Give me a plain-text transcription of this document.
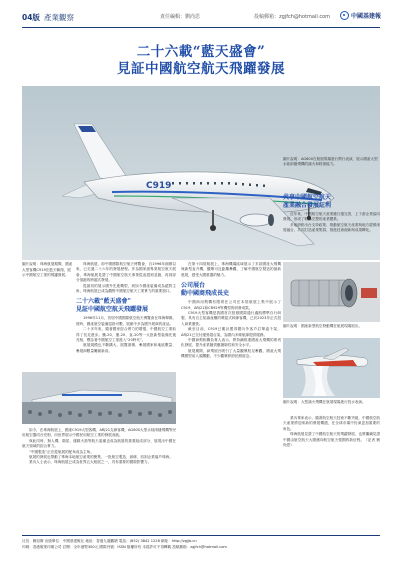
04版 產業觀察	責任編輯：劉尚思	投稿郵箱：zgjfch@hotmail.com	中國基建報
二十六載“藍天盛會”
見証中國航空航天飛躍發展
C919
圖片說明：珠海航展期間，國產大型客機C919在藍天翱翔，展示中國航空工業的飛躍發展。

珠海航展，即中國國際航空航天博覽會，自1996年創辦以來，已走過二十六年的發展歷程。作為國家級專業航空航天展會，珠海航展見證了中國航空航天事業從追趕到並跑、再到部分領跑的跨越式發展。

從最初的展示國外先進機型，到如今國產裝備成為絕對主角，珠海航展已成為觀察中國航空航天工業實力的重要窗口。

二十六載“藍天盛會”
見証中國航空航天飛躍發展

1996年11月，首屆中國國際航空航天博覽會在珠海舉辦。彼時，國產航空裝備屈指可數，展館中多為國外展商的產品。

二十多年來，隨著國家綜合實力的增強，中國航空工業取得了長足進步。殲-20、運-20、直-20等一大批新型裝備先後亮相，標誌著中國航空工業進入“20時代”。

航展規模也不斷擴大，展覽面積、參展國家和地區數量、參展商數量屢創新高。

如今，在珠海航展上，國產C919大型客機、ARJ21支線客機、AG600大型水陸兩棲飛機等民用航空器同台亮相，向世界展示中國民用航空工業的發展成就。

與此同時，無人機、衛星、運載火箭等航天裝備也成為航展的重要組成部分，展現出中國在航天領域的綜合實力。

“中國製造”正在從航展的配角成為主角。

航展的發展也帶動了珠海本地航空產業的聚集，一批航空製造、維修、培訓企業落戶珠海。

業內人士表示，珠海航展已成為世界五大航展之一，具有重要的國際影響力。

在第十四屆航展上，珠海機場區域展示了多款國產大飛機與新型直升機，觀眾可近距離參觀、了解中國航空製造的最新進展，感受大國重器的魅力。

公司展台
動中國商飛成長史

中國商用飛機有限責任公司在本屆航展上集中展示了C919、ARJ21和CR929等機型的研發成果。

C919大型客機是我國首次按照國際通行適航標準自行研製、具有自主知識產權的噴氣式幹線客機，已於2023年正式投入商業運營。

截至目前，C919已累計獲得國內外客戶訂單逾千架，ARJ21已交付運營超百架，為國內多條航線提供服務。

中國商飛相關負責人表示，將持續推進國產大飛機的系列化發展，提升產業鏈供應鏈韌性和安全水平。

航展期間，商飛展台吸引了大量觀眾駐足參觀，國產大飛機模型前人頭攢動，不少觀眾紛紛拍照留念。

圖片說明：AG600在航展現場進行飛行表演，展示國產大型水陸兩棲飛機的滅火和救援能力。
共享中國航空航天
產業融合發展紅利

近年來，中國航空航天產業鏈日趨完善，上下游企業協同發展，形成了較為完整的產業體系。

多地紛紛出台支持政策，推動航空航天產業與地方經濟深度融合，共同打造產業集群，推進技術創新與成果轉化。

圖片說明：國產新型航空發動機在航展現場展出。
圖片說明：大型滅火飛機在航展現場進行投水表演。

業內專家表示，隨著航空航天技術不斷突破，中國航空航天產業將迎來新的發展機遇，在全球市場中扮演更加重要的角色。

珠海航展見證了中國航空航天的飛躍發展，也將繼續見證中國由航空航天大國邁向航空航天強國的新征程。（記者 劉尚思）

社長：劉紹賢 出版單位：中國基建報社 地址：香港九龍觀塘 電話：(852) 3842 1228 網址：http://zgjjb.cn
印刷：香港報業印刷公司 訂閱：全年港幣300元 國際刊號：ISSN 版權所有 未經許可不得轉載 投稿郵箱：zgjfch@hotmail.com
